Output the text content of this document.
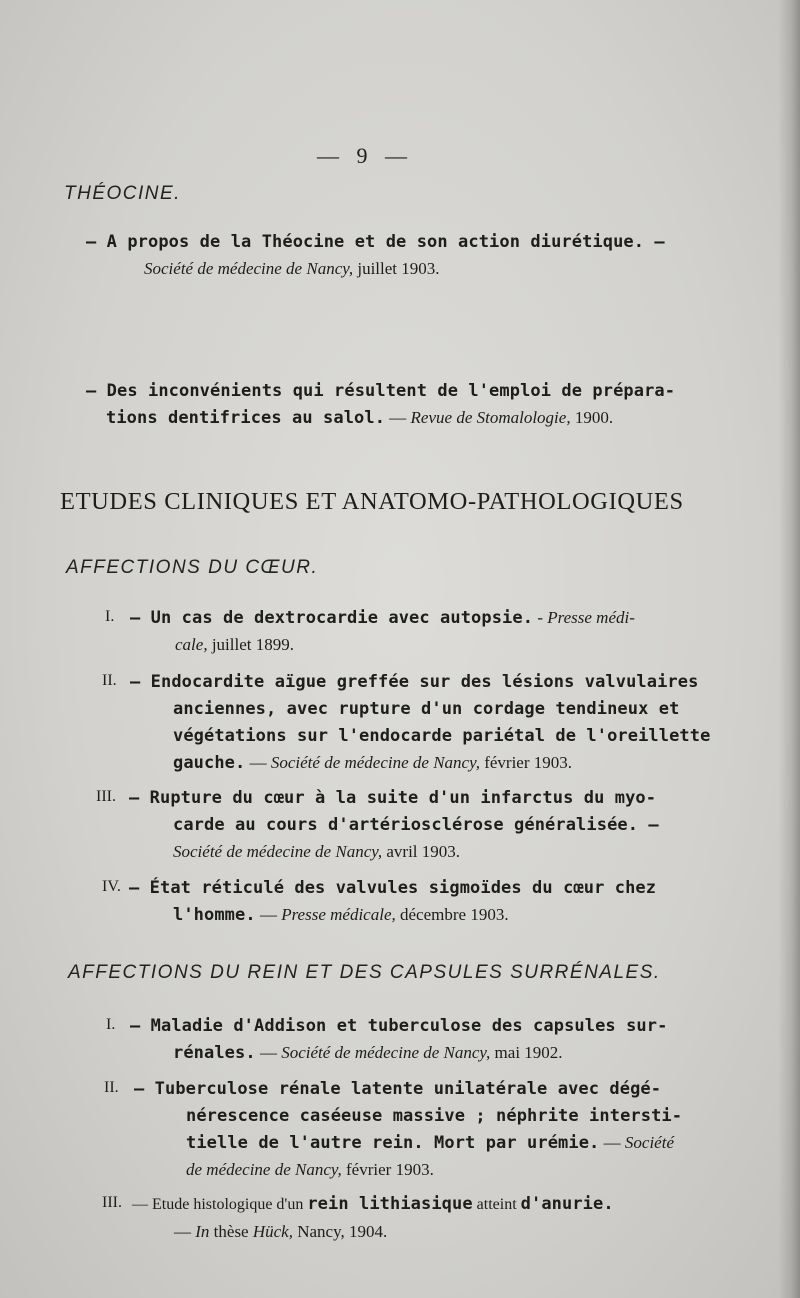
— 9 —
THÉOCINE.
— A propos de la Théocine et de son action diurétique. —
Société de médecine de Nancy, juillet 1903.
— Des inconvénients qui résultent de l'emploi de prépara-
tions dentifrices au salol. — Revue de Stomalologie, 1900.
ETUDES CLINIQUES ET ANATOMO-PATHOLOGIQUES
AFFECTIONS DU CŒUR.
I. — Un cas de dextrocardie avec autopsie. - Presse médi-
cale, juillet 1899.
II. — Endocardite aïgue greffée sur des lésions valvulaires
anciennes, avec rupture d'un cordage tendineux et
végétations sur l'endocarde pariétal de l'oreillette
gauche. — Société de médecine de Nancy, février 1903.
III. — Rupture du cœur à la suite d'un infarctus du myo-
carde au cours d'artériosclérose généralisée. —
Société de médecine de Nancy, avril 1903.
IV. — État réticulé des valvules sigmoïdes du cœur chez
l'homme. — Presse médicale, décembre 1903.
AFFECTIONS DU REIN ET DES CAPSULES SURRÉNALES.
I. — Maladie d'Addison et tuberculose des capsules sur-
rénales. — Société de médecine de Nancy, mai 1902.
II. — Tuberculose rénale latente unilatérale avec dégé-
nérescence caséeuse massive ; néphrite intersti-
tielle de l'autre rein. Mort par urémie. — Société
de médecine de Nancy, février 1903.
III. — Etude histologique d'un rein lithiasique atteint d'anurie.
— In thèse Hück, Nancy, 1904.
